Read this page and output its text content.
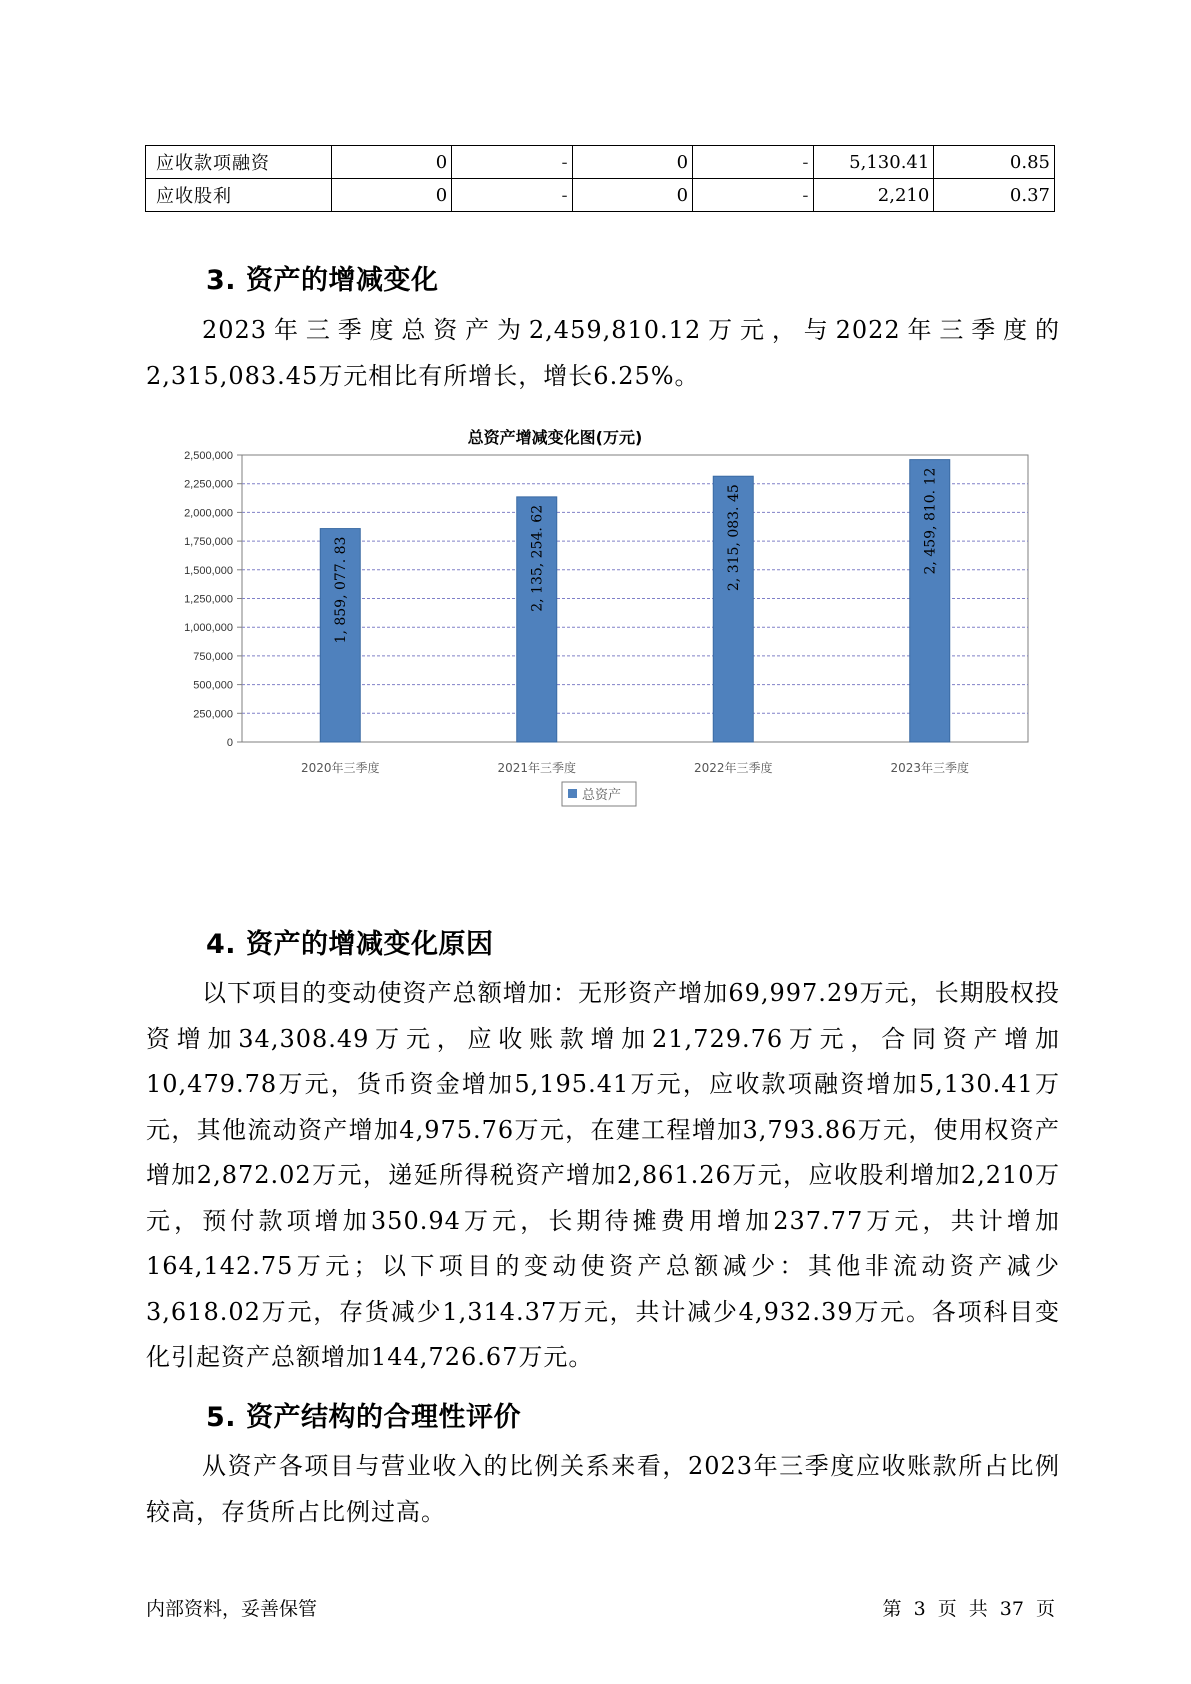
应收款项融资	0	-	0	-	5,130.41	0.85
应收股利	0	-	0	-	2,210	0.37
3. 资产的增减变化

2023年三季度总资产为2,459,810.12万元，与2022年三季度的2,315,083.45万元相比有所增长，增长6.25%。

总资产增减变化图(万元)
0
250,000
500,000
750,000
1,000,000
1,250,000
1,500,000
1,750,000
2,000,000
2,250,000
2,500,000
1, 859, 077. 83
2020年三季度
2, 135, 254. 62
2021年三季度
2, 315, 083. 45
2022年三季度
2, 459, 810. 12
2023年三季度
总资产
4. 资产的增减变化原因

以下项目的变动使资产总额增加：无形资产增加69,997.29万元，长期股权投资增加34,308.49万元，应收账款增加21,729.76万元，合同资产增加10,479.78万元，货币资金增加5,195.41万元，应收款项融资增加5,130.41万元，其他流动资产增加4,975.76万元，在建工程增加3,793.86万元，使用权资产增加2,872.02万元，递延所得税资产增加2,861.26万元，应收股利增加2,210万元，预付款项增加350.94万元，长期待摊费用增加237.77万元，共计增加164,142.75万元；以下项目的变动使资产总额减少：其他非流动资产减少3,618.02万元，存货减少1,314.37万元，共计减少4,932.39万元。各项科目变化引起资产总额增加144,726.67万元。

5. 资产结构的合理性评价

从资产各项目与营业收入的比例关系来看，2023年三季度应收账款所占比例较高，存货所占比例过高。

内部资料，妥善保管	第 3 页 共 37 页
